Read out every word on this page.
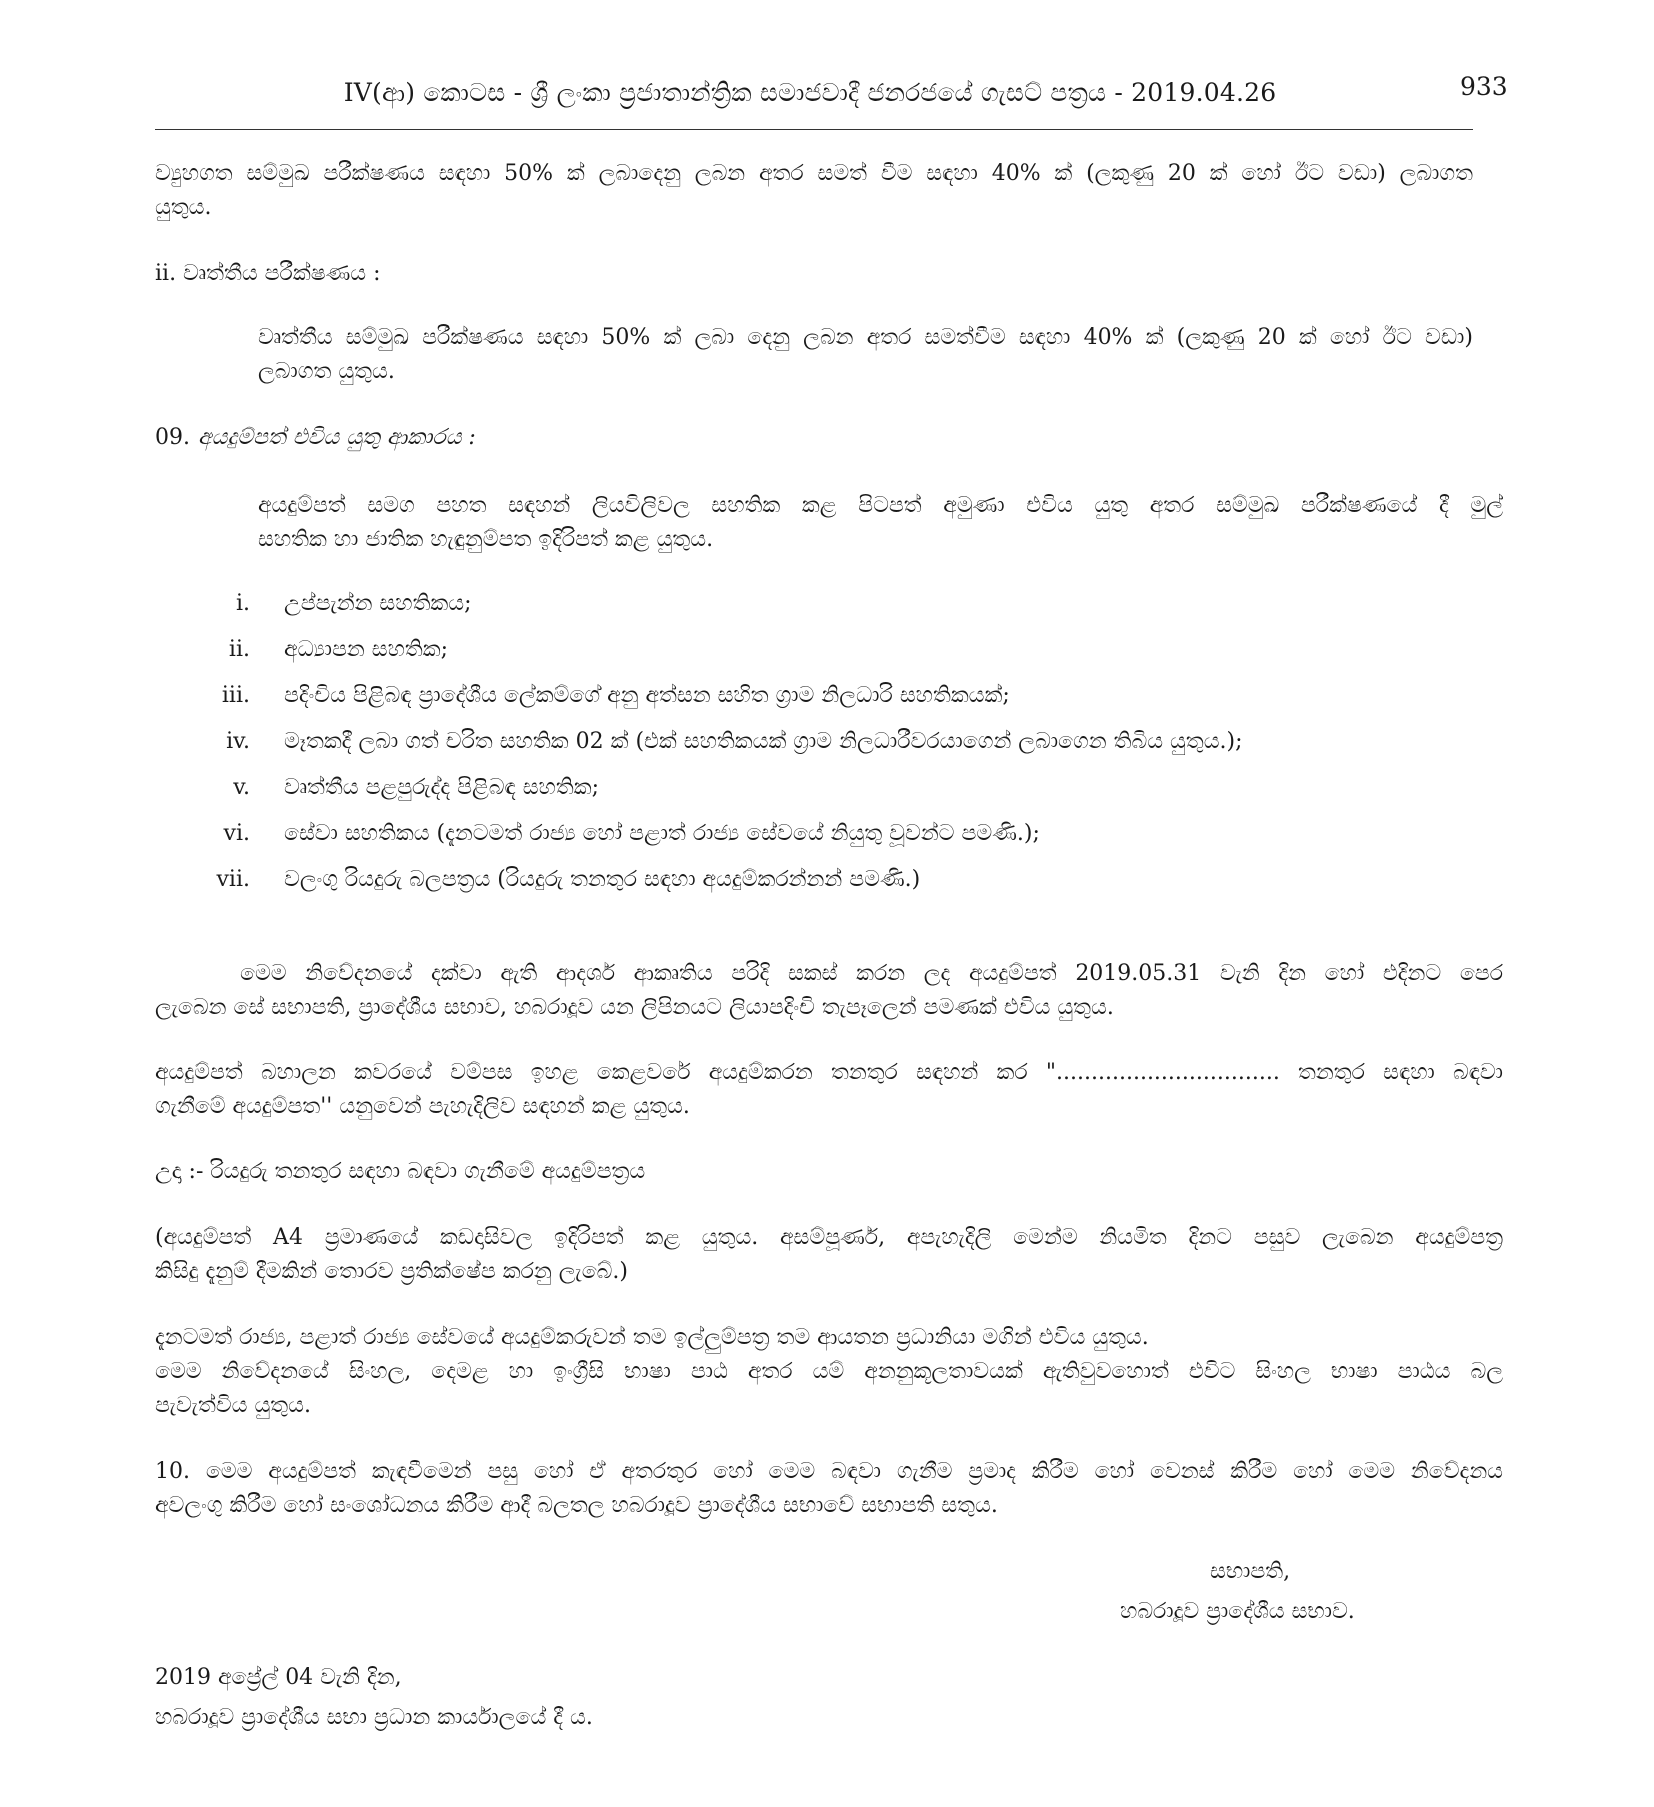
IV(ආ) කොටස - ශ්‍රී ලංකා ප්‍රජාතාන්ත්‍රික සමාජවාදී ජනරජයේ ගැසට් පත්‍රය - 2019.04.26	933
ව්‍යුහගත සම්මුඛ පරීක්ෂණය සඳහා 50% ක් ලබාදෙනු ලබන අතර සමත් වීම සඳහා 40% ක් (ලකුණු 20 ක් හෝ ඊට වඩා) ලබාගත
යුතුය.
ii. වෘත්තීය පරීක්ෂණය :
වෘත්තීය සම්මුඛ පරීක්ෂණය සඳහා 50% ක් ලබා දෙනු ලබන අතර සමත්වීම සඳහා 40% ක් (ලකුණු 20 ක් හෝ ඊට වඩා)
ලබාගත යුතුය.
09. අයදුම්පත් එවිය යුතු ආකාරය :
අයදුම්පත් සමග පහත සඳහන් ලියවිලිවල සහතික කළ පිටපත් අමුණා එවිය යුතු අතර සම්මුඛ පරීක්ෂණයේ දී මුල්
සහතික හා ජාතික හැඳුනුම්පත ඉදිරිපත් කළ යුතුය.
i. උප්පැන්න සහතිකය;
ii. අධ්‍යාපන සහතික;
iii. පදිංචිය පිළිබඳ ප්‍රාදේශීය ලේකම්ගේ අනු අත්සන සහිත ග්‍රාම නිලධාරි සහතිකයක්;
iv. මෑතකදී ලබා ගත් චරිත සහතික 02 ක් (එක් සහතිකයක් ග්‍රාම නිලධාරීවරයාගෙන් ලබාගෙන තිබිය යුතුය.);
v. වෘත්තීය පළපුරුද්ද පිළිබඳ සහතික;
vi. සේවා සහතිකය (දැනටමත් රාජ්‍ය හෝ පළාත් රාජ්‍ය සේවයේ නියුතු වූවන්ට පමණි.);
vii. වලංගු රියදුරු බලපත්‍රය (රියදුරු තනතුර සඳහා අයදුම්කරන්නන් පමණි.)
මෙම නිවේදනයේ දක්වා ඇති ආදර්ශ ආකෘතිය පරිදි සකස් කරන ලද අයදුම්පත් 2019.05.31 වැනි දින හෝ එදිනට පෙර
ලැබෙන සේ සභාපති, ප්‍රාදේශීය සභාව, හබරාදූව යන ලිපිනයට ලියාපදිංචි තැපෑලෙන් පමණක් එවිය යුතුය.
අයදුම්පත් බහාලන කවරයේ වම්පස ඉහළ කෙළවරේ අයදුම්කරන තනතුර සඳහන් කර "................................ තනතුර සඳහා බඳවා
ගැනීමේ අයදුම්පත'' යනුවෙන් පැහැදිලිව සඳහන් කළ යුතුය.
උදා :- රියදුරු තනතුර සඳහා බඳවා ගැනීමේ අයදුම්පත්‍රය
(අයදුම්පත් A4 ප්‍රමාණයේ කඩදාසිවල ඉදිරිපත් කළ යුතුය. අසම්පූර්ණ, අපැහැදිලි මෙන්ම නියමිත දිනට පසුව ලැබෙන අයදුම්පත්‍ර
කිසිදු දැනුම් දීමකින් තොරව ප්‍රතික්ෂේප කරනු ලැබේ.)
දැනටමත් රාජ්‍ය, පළාත් රාජ්‍ය සේවයේ අයදුම්කරුවන් තම ඉල්ලුම්පත්‍ර තම ආයතන ප්‍රධානියා මගින් එවිය යුතුය.
මෙම නිවේදනයේ සිංහල, දෙමළ හා ඉංග්‍රීසි භාෂා පාඨ අතර යම් අනනුකූලතාවයක් ඇතිවුවහොත් එවිට සිංහල භාෂා පාඨය බල
පැවැත්විය යුතුය.
10. මෙම අයදුම්පත් කැඳවීමෙන් පසු හෝ ඒ අතරතුර හෝ මෙම බඳවා ගැනීම ප්‍රමාද කිරීම හෝ වෙනස් කිරීම හෝ මෙම නිවේදනය
අවලංගු කිරීම හෝ සංශෝධනය කිරීම ආදී බලතල හබරාදූව ප්‍රාදේශීය සභාවේ සභාපති සතුය.
සභාපති,
හබරාදූව ප්‍රාදේශීය සභාව.
2019 අප්‍රේල් 04 වැනි දින,
හබරාදූව ප්‍රාදේශීය සභා ප්‍රධාන කාර්යාලයේ දී ය.
